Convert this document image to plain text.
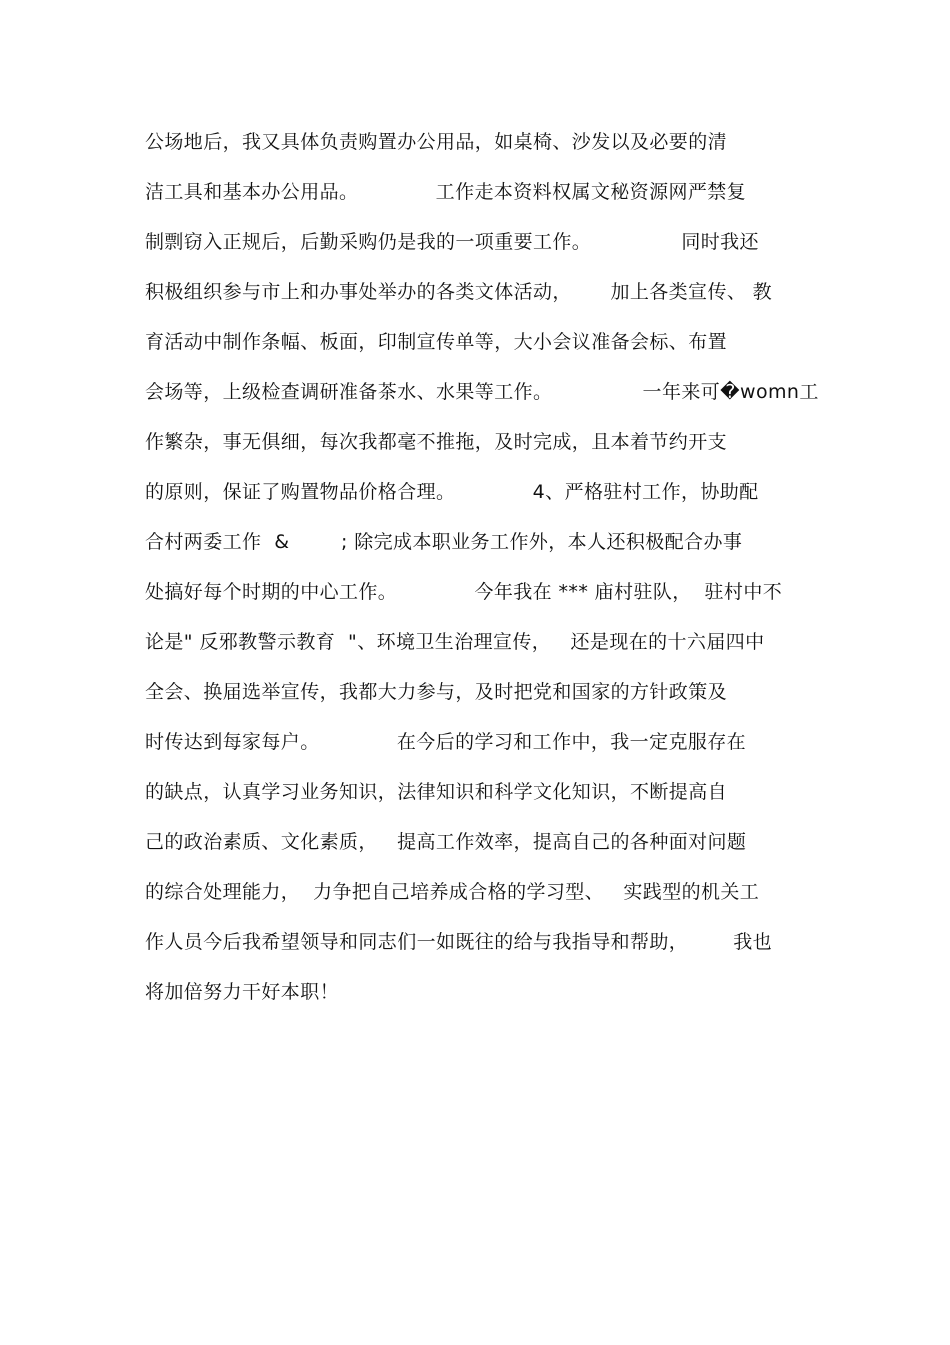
公场地后，我又具体负责购置办公用品，如桌椅、沙发以及必要的清
洁工具和基本办公用品。            工作走本资料权属文秘资源网严禁复
制剽窃入正规后，后勤采购仍是我的一项重要工作。              同时我还
积极组织参与市上和办事处举办的各类文体活动，      加上各类宣传、 教
育活动中制作条幅、板面，印制宣传单等，大小会议准备会标、布置
会场等，上级检查调研准备茶水、水果等工作。              一年来可�womn工
作繁杂，事无俱细，每次我都毫不推拖，及时完成，且本着节约开支
的原则，保证了购置物品价格合理。            4、严格驻村工作，协助配
合村两委工作  &        ; 除完成本职业务工作外，本人还积极配合办事
处搞好每个时期的中心工作。            今年我在 *** 庙村驻队，  驻村中不
论是" 反邪教警示教育  "、环境卫生治理宣传，   还是现在的十六届四中
全会、换届选举宣传，我都大力参与，及时把党和国家的方针政策及
时传达到每家每户。            在今后的学习和工作中，我一定克服存在
的缺点，认真学习业务知识，法律知识和科学文化知识，不断提高自
己的政治素质、文化素质，   提高工作效率，提高自己的各种面对问题
的综合处理能力，  力争把自己培养成合格的学习型、   实践型的机关工
作人员今后我希望领导和同志们一如既往的给与我指导和帮助，       我也
将加倍努力干好本职！
